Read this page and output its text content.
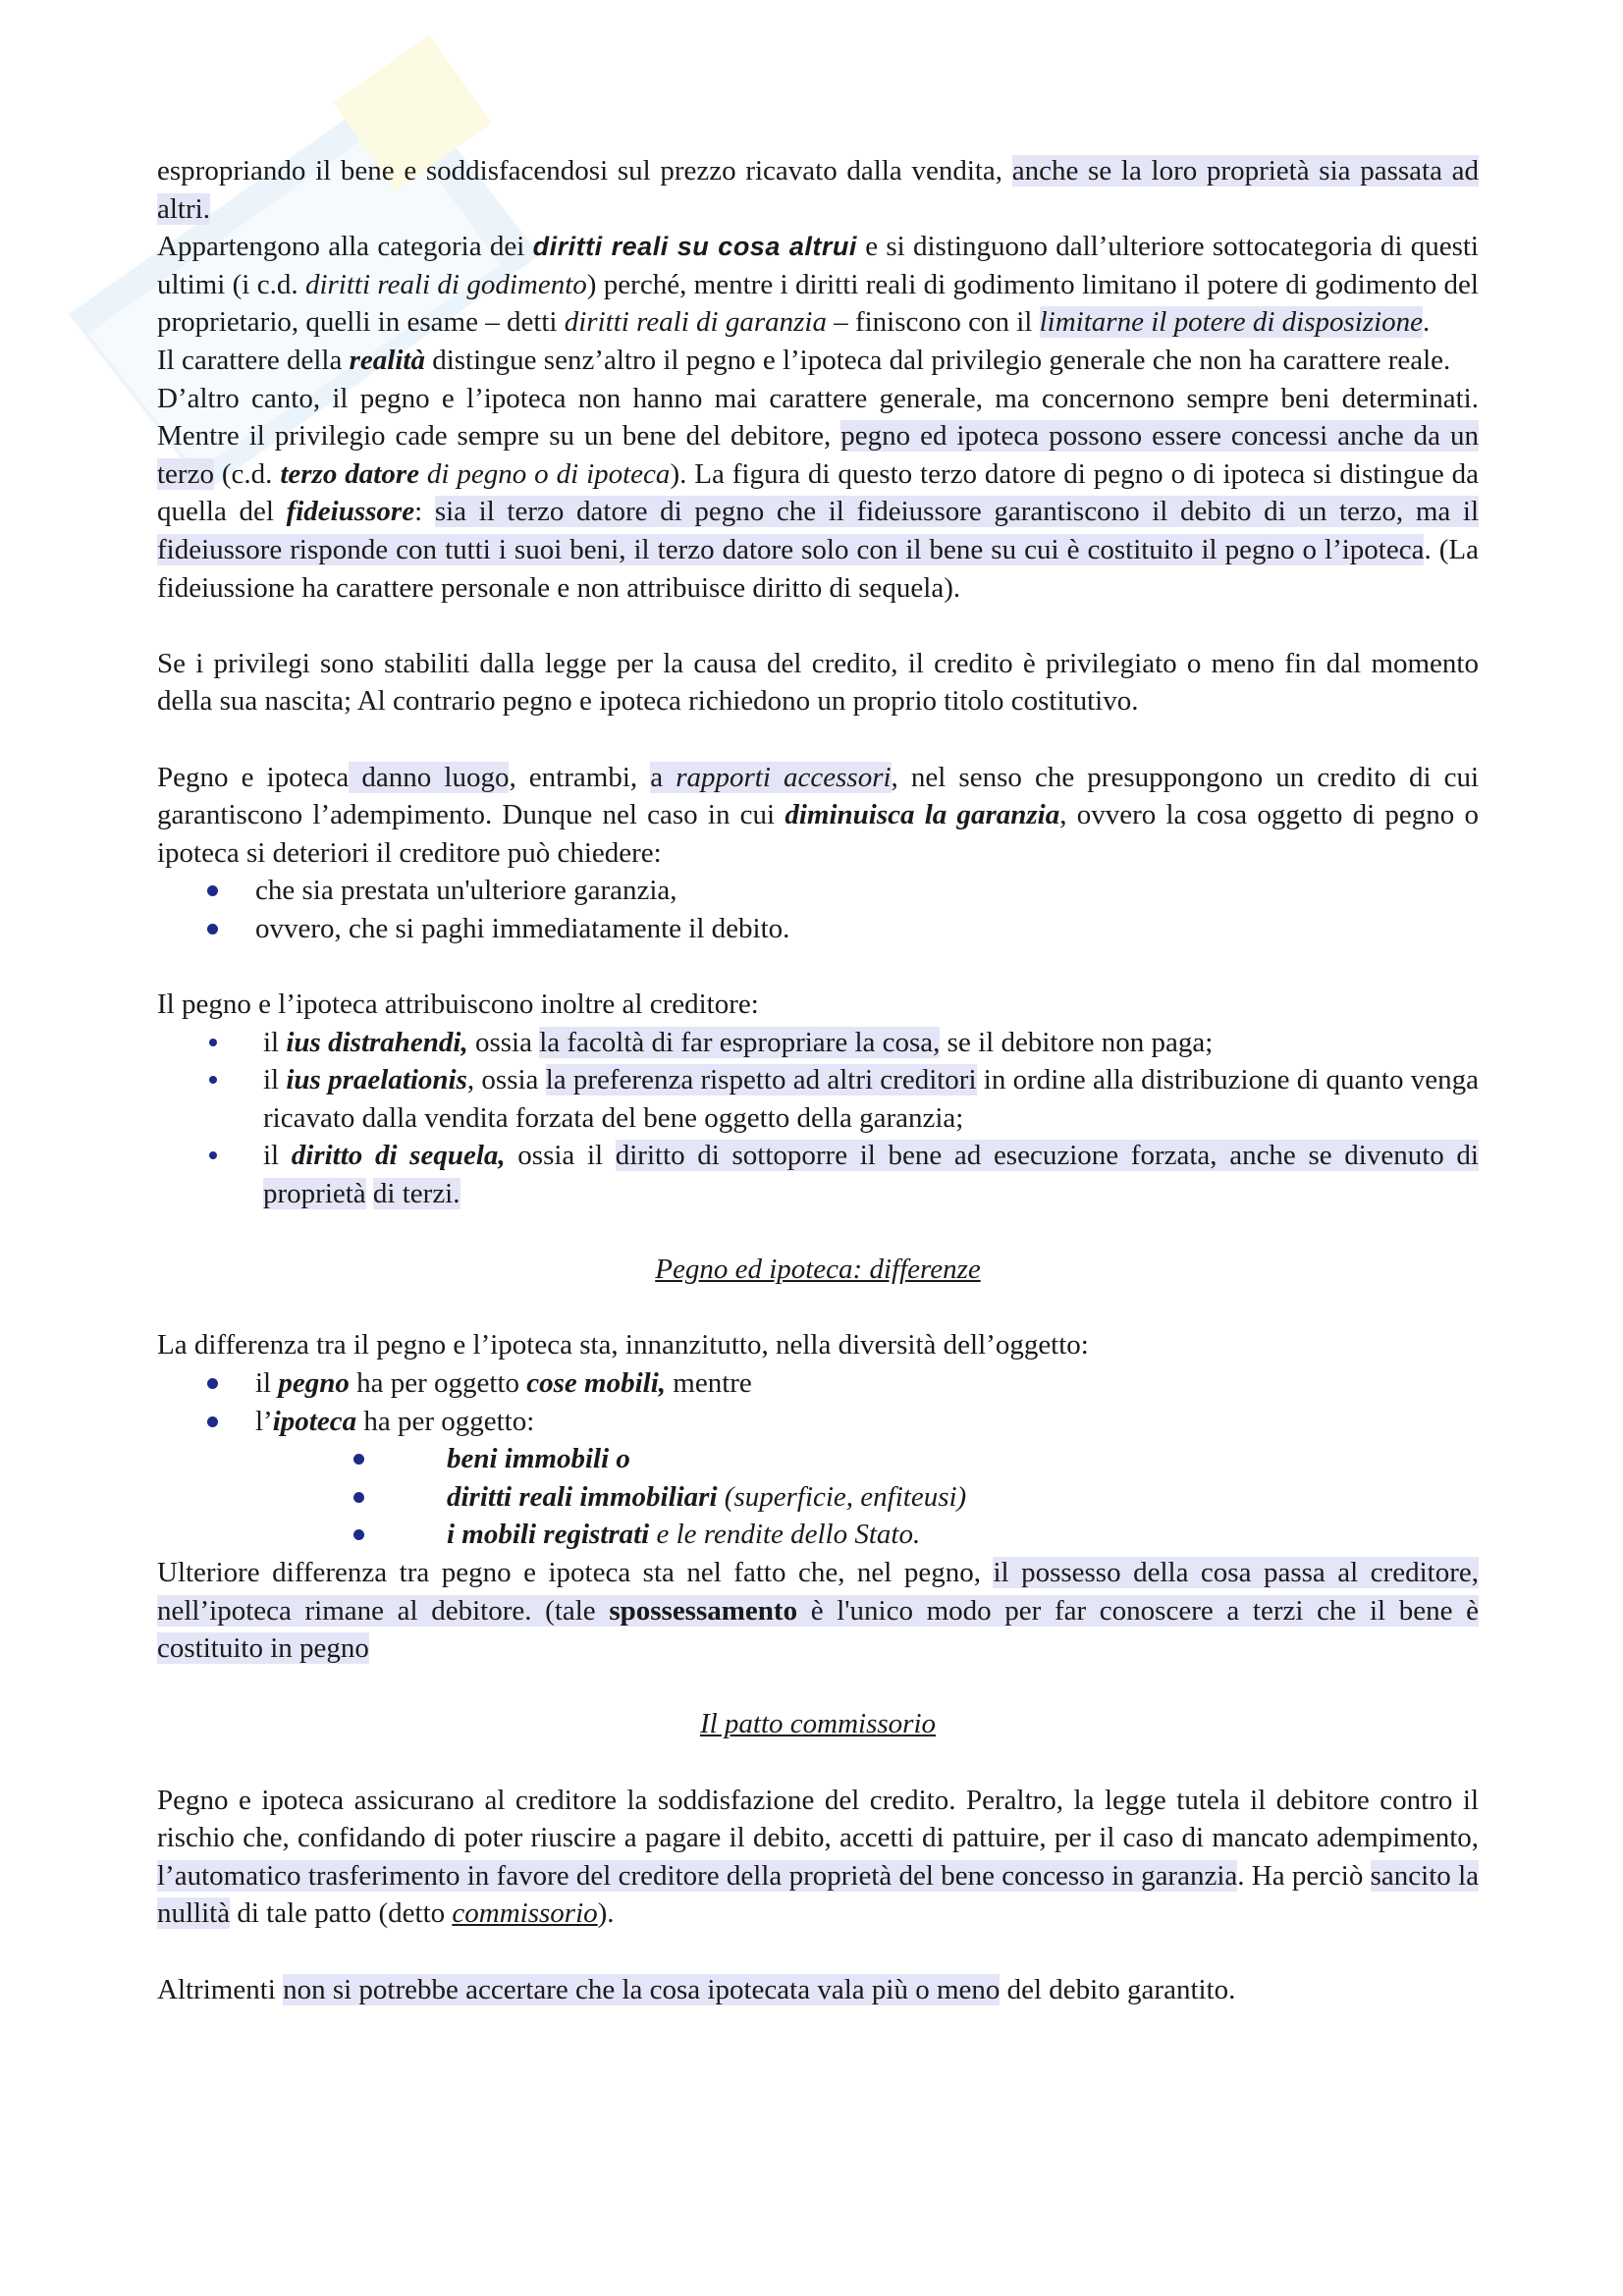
espropriando il bene e soddisfacendosi sul prezzo ricavato dalla vendita, anche se la loro proprietà sia passata ad altri.

Appartengono alla categoria dei diritti reali su cosa altrui e si distinguono dall’ulteriore sottocategoria di questi ultimi (i c.d. diritti reali di godimento) perché, mentre i diritti reali di godimento limitano il potere di godimento del proprietario, quelli in esame – detti diritti reali di garanzia – finiscono con il limitarne il potere di disposizione.

Il carattere della realità distingue senz’altro il pegno e l’ipoteca dal privilegio generale che non ha carattere reale.

D’altro canto, il pegno e l’ipoteca non hanno mai carattere generale, ma concernono sempre beni determinati. Mentre il privilegio cade sempre su un bene del debitore, pegno ed ipoteca possono essere concessi anche da un terzo (c.d. terzo datore di pegno o di ipoteca). La figura di questo terzo datore di pegno o di ipoteca si distingue da quella del fideiussore: sia il terzo datore di pegno che il fideiussore garantiscono il debito di un terzo, ma il fideiussore risponde con tutti i suoi beni, il terzo datore solo con il bene su cui è costituito il pegno o l’ipoteca. (La fideiussione ha carattere personale e non attribuisce diritto di sequela).

Se i privilegi sono stabiliti dalla legge per la causa del credito, il credito è privilegiato o meno fin dal momento della sua nascita; Al contrario pegno e ipoteca richiedono un proprio titolo costitutivo.

Pegno e ipoteca danno luogo, entrambi, a rapporti accessori, nel senso che presuppongono un credito di cui garantiscono l’adempimento. Dunque nel caso in cui diminuisca la garanzia, ovvero la cosa oggetto di pegno o ipoteca si deteriori il creditore può chiedere:

che sia prestata un'ulteriore garanzia,
ovvero, che si paghi immediatamente il debito.

Il pegno e l’ipoteca attribuiscono inoltre al creditore:

il ius distrahendi, ossia la facoltà di far espropriare la cosa, se il debitore non paga;
il ius praelationis, ossia la preferenza rispetto ad altri creditori in ordine alla distribuzione di quanto venga ricavato dalla vendita forzata del bene oggetto della garanzia;
il diritto di sequela, ossia il diritto di sottoporre il bene ad esecuzione forzata, anche se divenuto di proprietà di terzi.
Pegno ed ipoteca: differenze

La differenza tra il pegno e l’ipoteca sta, innanzitutto, nella diversità dell’oggetto:

il pegno ha per oggetto cose mobili, mentre
l’ipoteca ha per oggetto:
beni immobili o
diritti reali immobiliari (superficie, enfiteusi)
i mobili registrati e le rendite dello Stato.

Ulteriore differenza tra pegno e ipoteca sta nel fatto che, nel pegno, il possesso della cosa passa al creditore, nell’ipoteca rimane al debitore. (tale spossessamento è l'unico modo per far conoscere a terzi che il bene è costituito in pegno

Il patto commissorio

Pegno e ipoteca assicurano al creditore la soddisfazione del credito. Peraltro, la legge tutela il debitore contro il rischio che, confidando di poter riuscire a pagare il debito, accetti di pattuire, per il caso di mancato adempimento, l’automatico trasferimento in favore del creditore della proprietà del bene concesso in garanzia. Ha perciò sancito la nullità di tale patto (detto commissorio).

Altrimenti non si potrebbe accertare che la cosa ipotecata vala più o meno del debito garantito.
